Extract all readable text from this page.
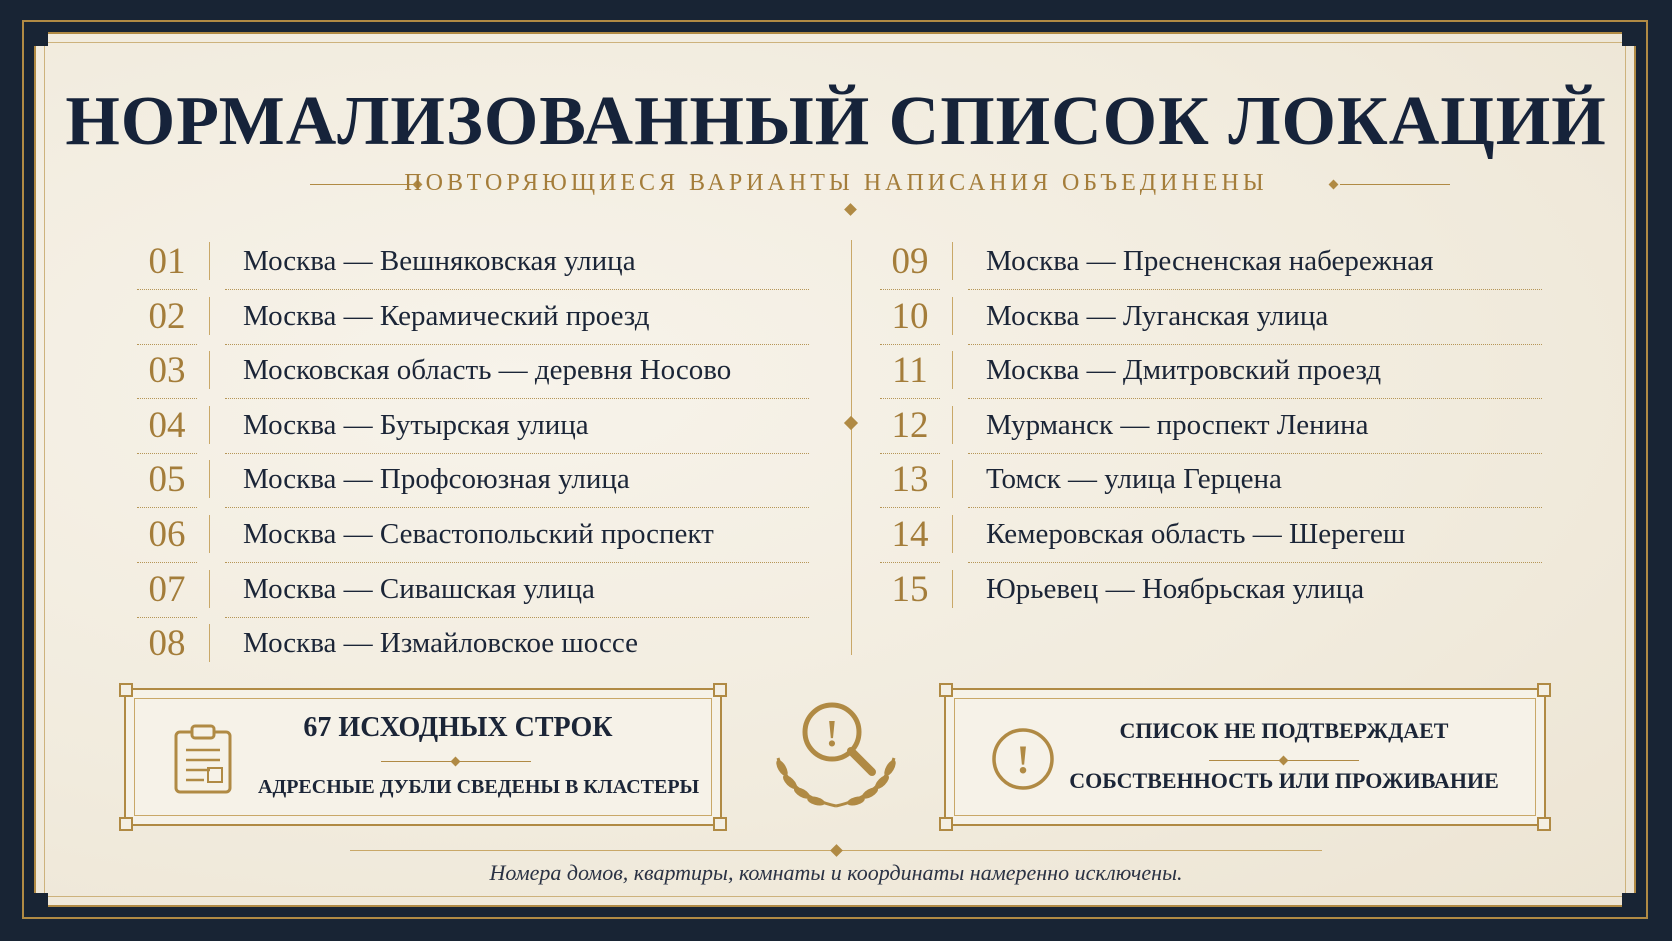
НОРМАЛИЗОВАННЫЙ СПИСОК ЛОКАЦИЙ
ПОВТОРЯЮЩИЕСЯ ВАРИАНТЫ НАПИСАНИЯ ОБЪЕДИНЕНЫ
01	Москва — Вешняковская улица
02	Москва — Керамический проезд
03	Московская область — деревня Носово
04	Москва — Бутырская улица
05	Москва — Профсоюзная улица
06	Москва — Севастопольский проспект
07	Москва — Сивашская улица
08	Москва — Измайловское шоссе
09	Москва — Пресненская набережная
10	Москва — Луганская улица
11	Москва — Дмитровский проезд
12	Мурманск — проспект Ленина
13	Томск — улица Герцена
14	Кемеровская область — Шерегеш
15	Юрьевец — Ноябрьская улица
67 ИСХОДНЫХ СТРОК
АДРЕСНЫЕ ДУБЛИ СВЕДЕНЫ В КЛАСТЕРЫ
!
!
СПИСОК НЕ ПОДТВЕРЖДАЕТ
СОБСТВЕННОСТЬ ИЛИ ПРОЖИВАНИЕ
Номера домов, квартиры, комнаты и координаты намеренно исключены.
